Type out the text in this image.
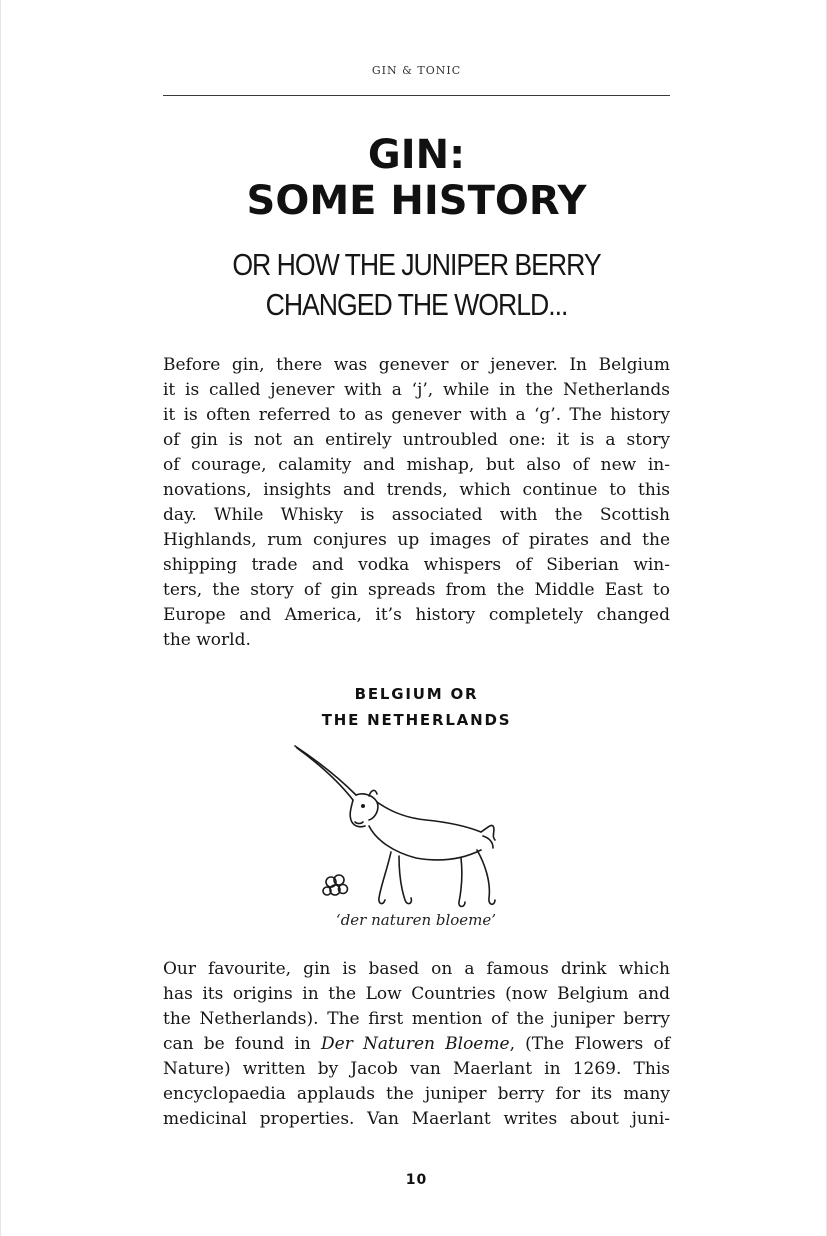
GIN & TONIC
GIN:
SOME HISTORY
OR HOW THE JUNIPER BERRY
CHANGED THE WORLD...
Before gin, there was genever or jenever. In Belgium
it is called jenever with a ‘j’, while in the Netherlands
it is often referred to as genever with a ‘g’. The history
of gin is not an entirely untroubled one: it is a story
of courage, calamity and mishap, but also of new in-
novations, insights and trends, which continue to this
day. While Whisky is associated with the Scottish
Highlands, rum conjures up images of pirates and the
shipping trade and vodka whispers of Siberian win-
ters, the story of gin spreads from the Middle East to
Europe and America, it’s history completely changed
the world.
BELGIUM OR
THE NETHERLANDS
‘der naturen bloeme’
Our favourite, gin is based on a famous drink which
has its origins in the Low Countries (now Belgium and
the Netherlands). The first mention of the juniper berry
can be found in Der Naturen Bloeme, (The Flowers of
Nature) written by Jacob van Maerlant in 1269. This
encyclopaedia applauds the juniper berry for its many
medicinal properties. Van Maerlant writes about juni-
10
